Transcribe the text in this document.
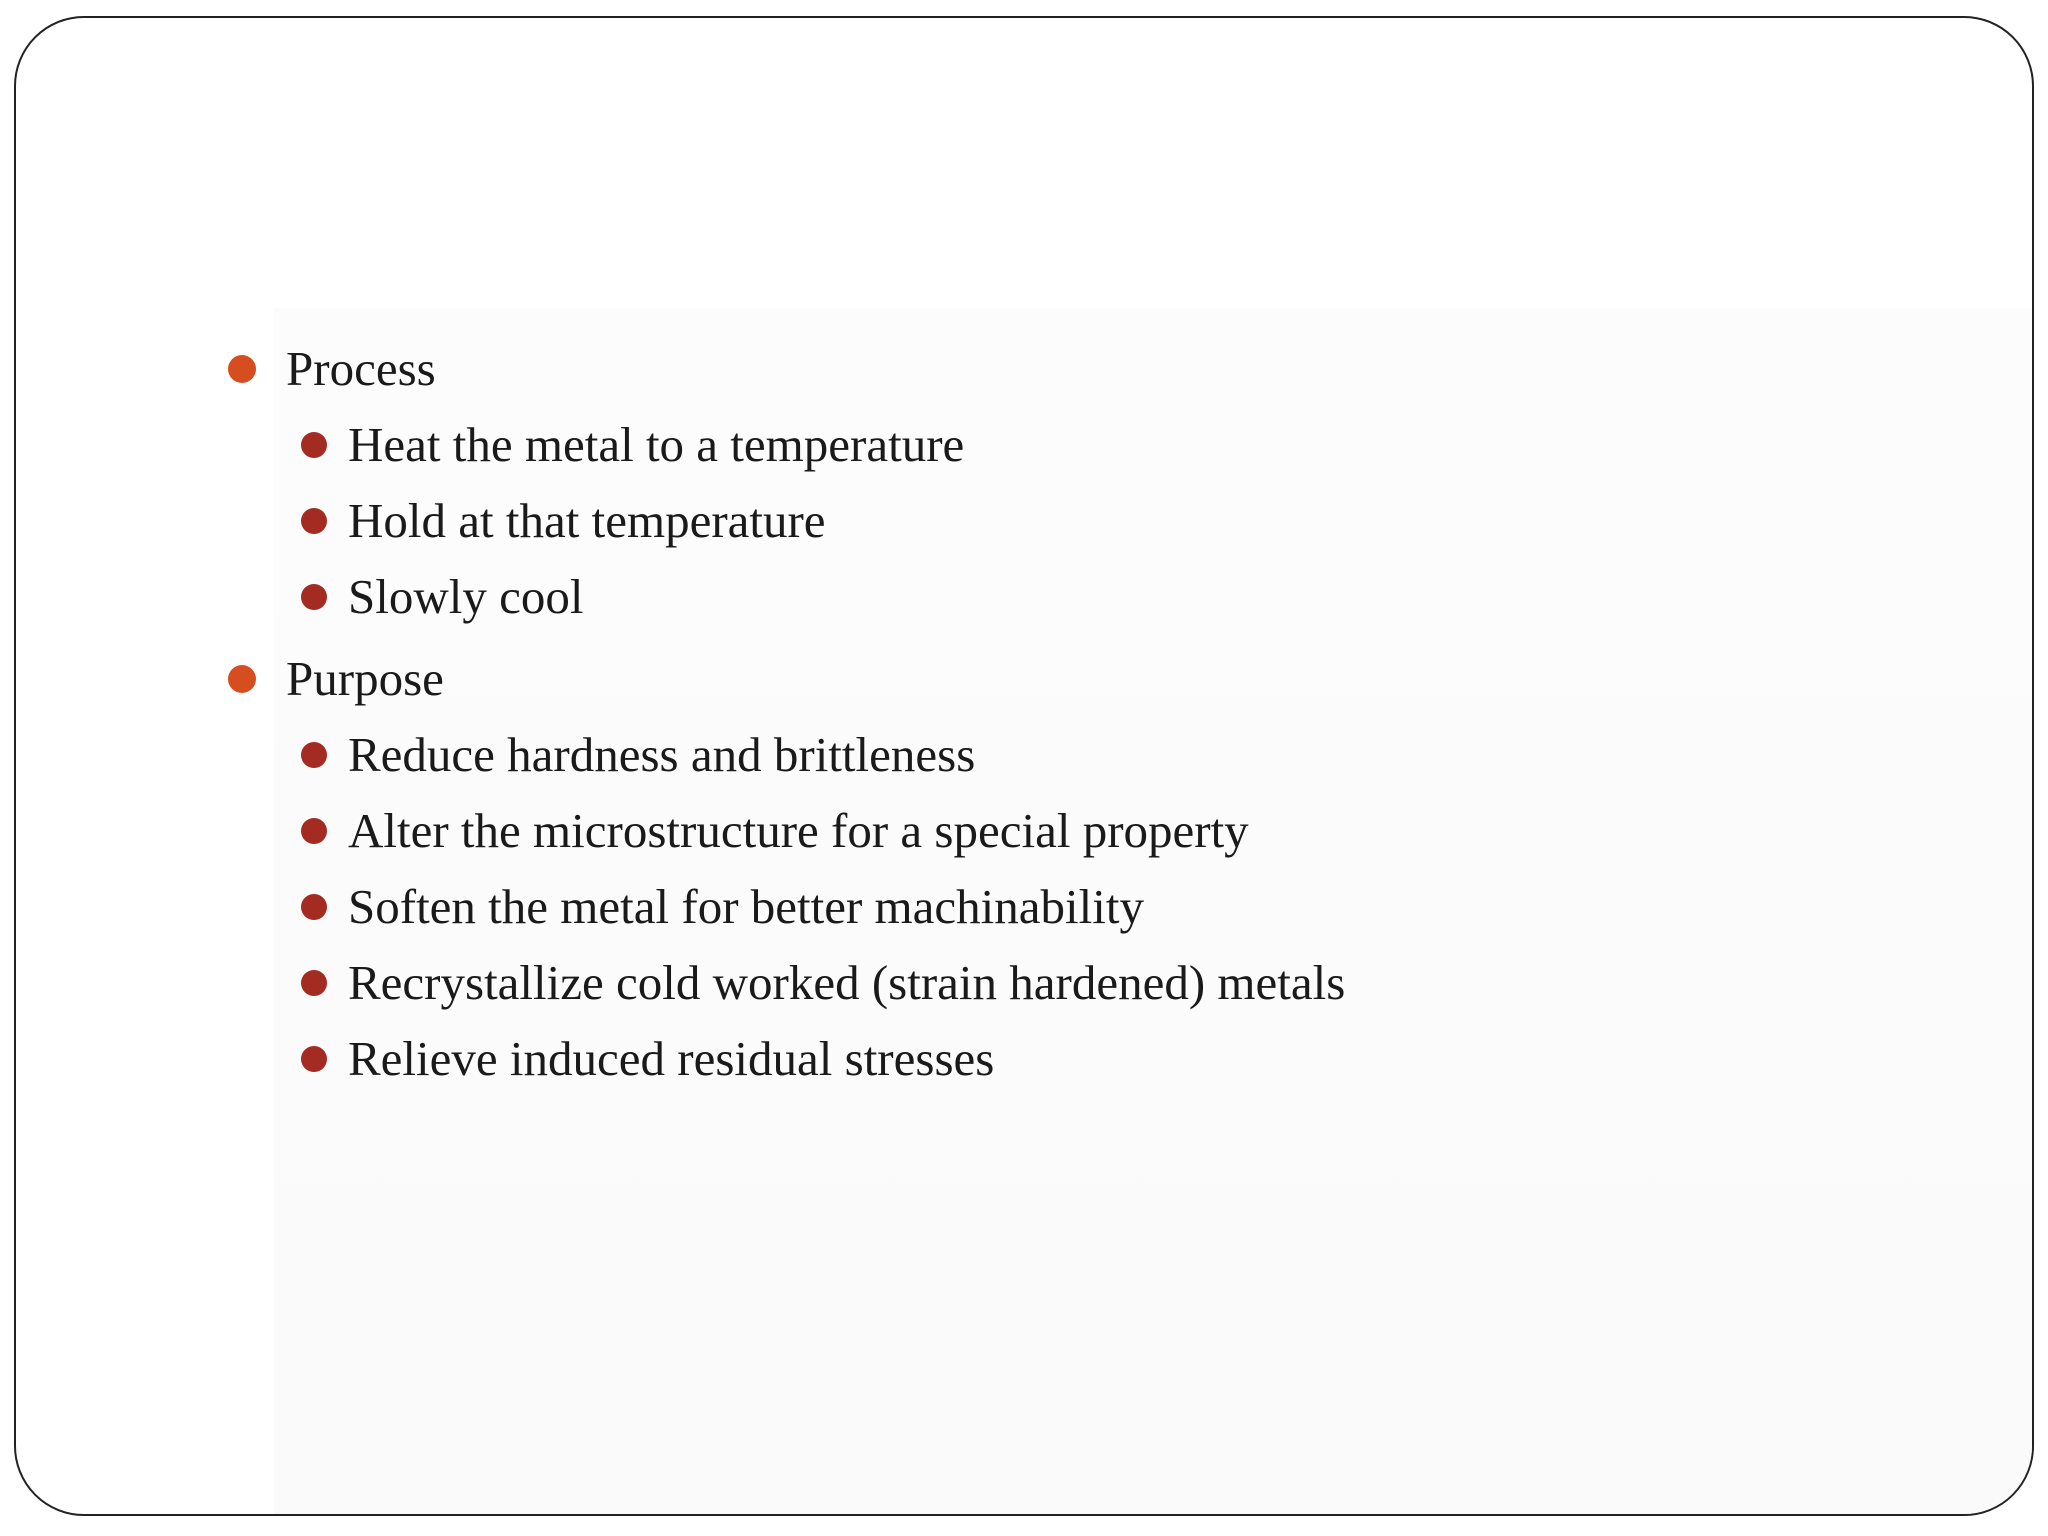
Process
Heat the metal to a temperature
Hold at that temperature
Slowly cool
Purpose
Reduce hardness and brittleness
Alter the microstructure for a special property
Soften the metal for better machinability
Recrystallize cold worked (strain hardened) metals
Relieve induced residual stresses
